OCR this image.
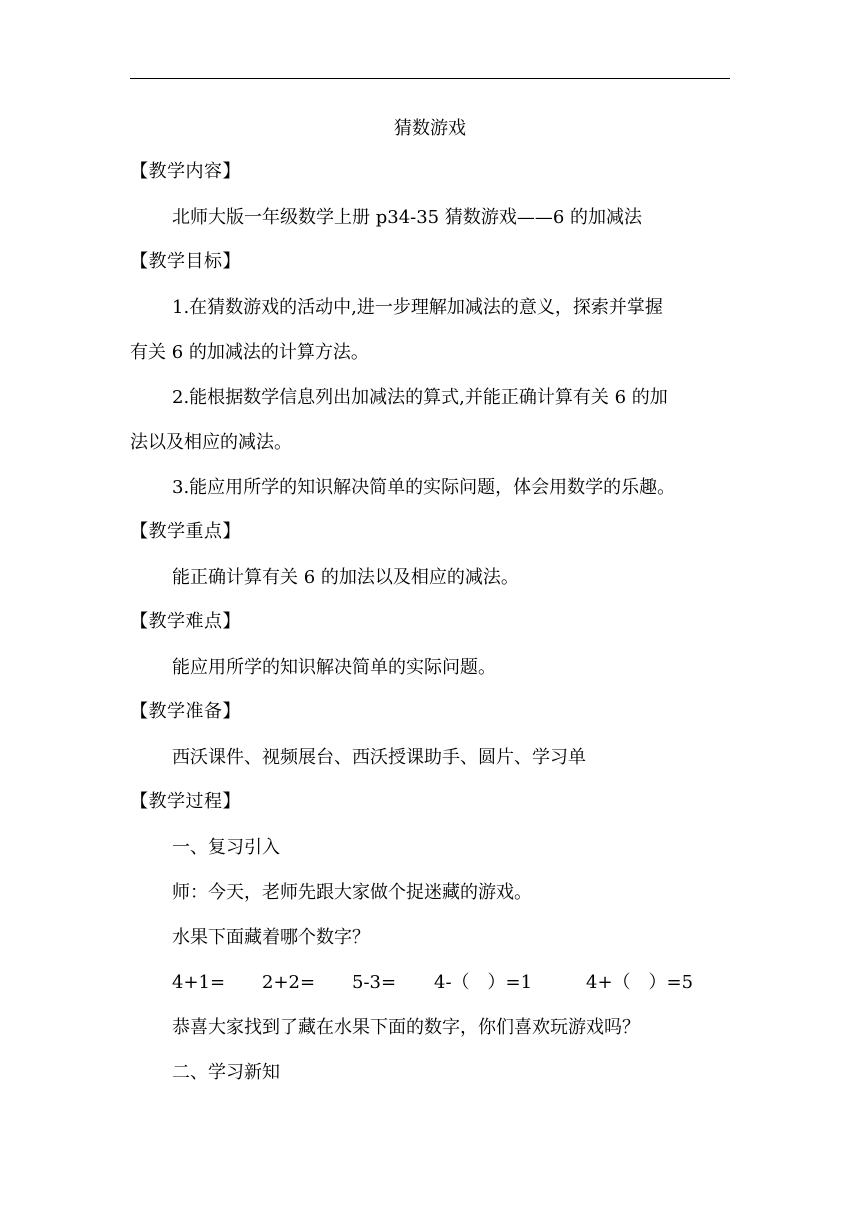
猜数游戏
【教学内容】
北师大版一年级数学上册 p34-35 猜数游戏——6 的加减法
【教学目标】
1.在猜数游戏的活动中,进一步理解加减法的意义，探索并掌握
有关 6 的加减法的计算方法。
2.能根据数学信息列出加减法的算式,并能正确计算有关 6 的加
法以及相应的减法。
3.能应用所学的知识解决简单的实际问题，体会用数学的乐趣。
【教学重点】
能正确计算有关 6 的加法以及相应的减法。
【教学难点】
能应用所学的知识解决简单的实际问题。
【教学准备】
西沃课件、视频展台、西沃授课助手、圆片、学习单
【教学过程】
一、复习引入
师：今天，老师先跟大家做个捉迷藏的游戏。
水果下面藏着哪个数字？
4+1= 2+2= 5-3= 4-（　）=1	4+（　）=5
恭喜大家找到了藏在水果下面的数字，你们喜欢玩游戏吗？
二、学习新知
